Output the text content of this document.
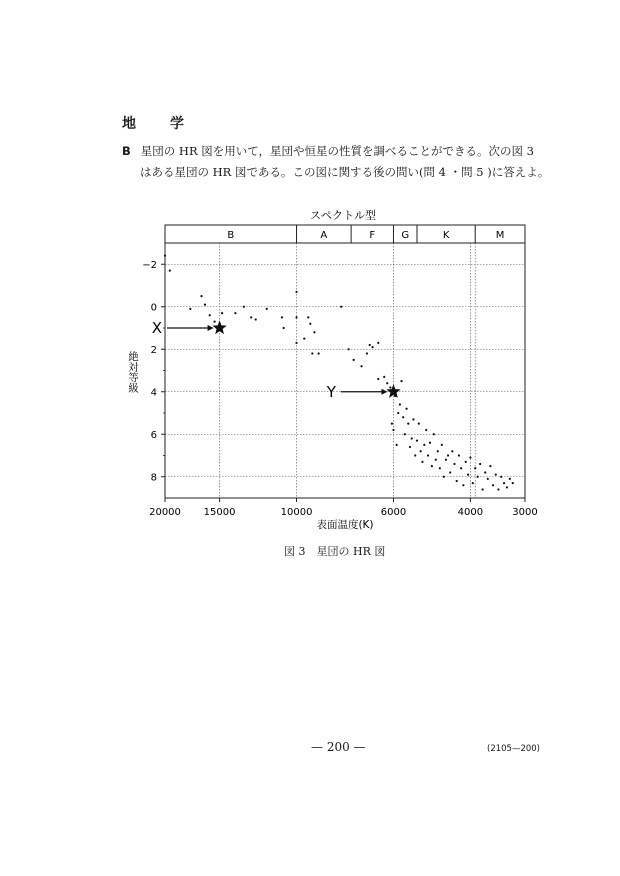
地　学
B 星団の HR 図を用いて，星団や恒星の性質を調べることができる。次の図 3
はある星団の HR 図である。この図に関する後の問い(問 4 ・問 5 )に答えよ。
スペクトル型
B	A	F	G	K	M
20000 15000	10000	6000	4000	3000
−2
0
2
4
6
8
表面温度(K)
絶対等級
X
Y
図 3　星団の HR 図
— 200 —	(2105—200)
